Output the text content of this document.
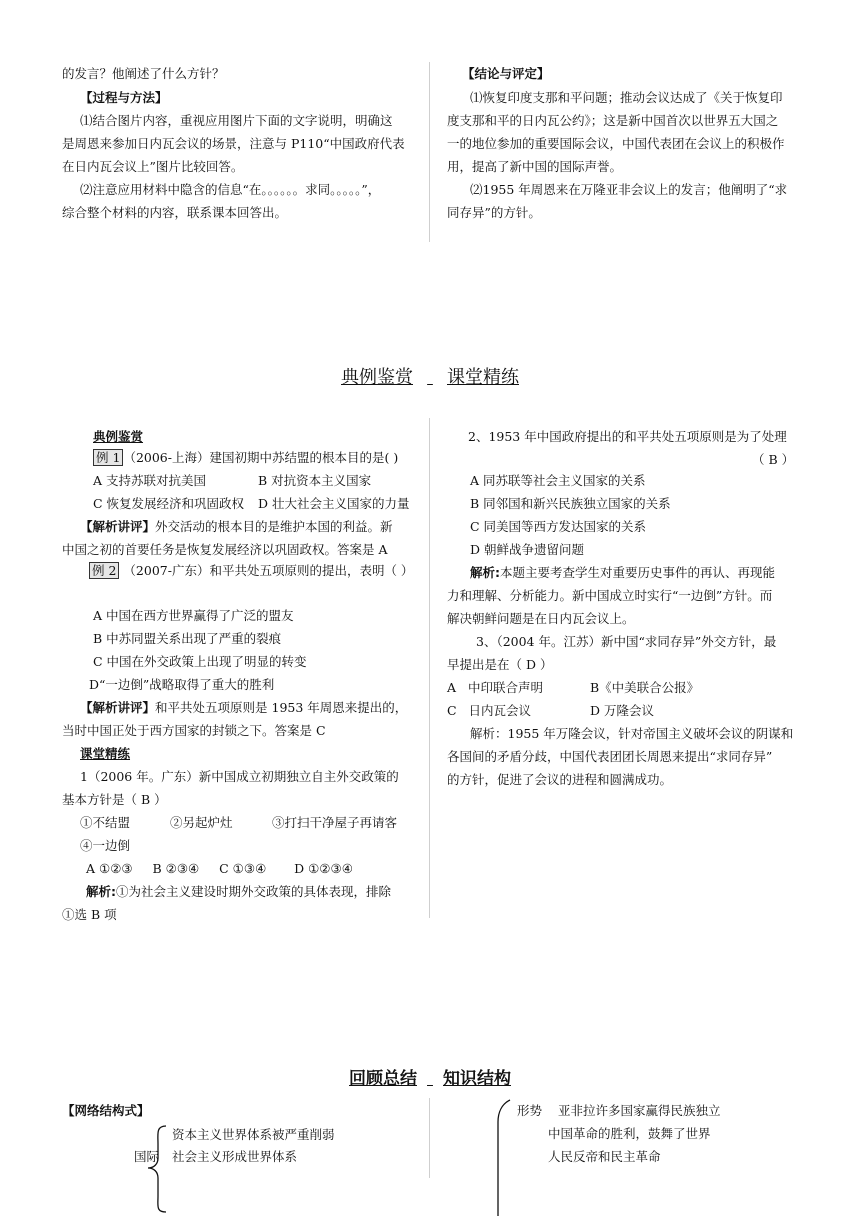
的发言？他阐述了什么方针？
【过程与方法】
⑴结合图片内容，重视应用图片下面的文字说明，明确这
是周恩来参加日内瓦会议的场景，注意与 P110“中国政府代表
在日内瓦会议上”图片比较回答。
⑵注意应用材料中隐含的信息“在。。。。。。求同。。。。。”，
综合整个材料的内容，联系课本回答出。
【结论与评定】
⑴恢复印度支那和平问题；推动会议达成了《关于恢复印
度支那和平的日内瓦公约》；这是新中国首次以世界五大国之
一的地位参加的重要国际会议，中国代表团在会议上的积极作
用，提高了新中国的国际声誉。
⑵1955 年周恩来在万隆亚非会议上的发言；他阐明了“求
同存异”的方针。
典例鉴赏 课堂精练
典例鉴赏
例 1 （2006-上海）建国初期中苏结盟的根本目的是( )
A 支持苏联对抗美国	B 对抗资本主义国家
C 恢复发展经济和巩固政权 D 壮大社会主义国家的力量
【解析讲评】外交活动的根本目的是维护本国的利益。新
中国之初的首要任务是恢复发展经济以巩固政权。答案是 A
例 2 （2007-广东）和平共处五项原则的提出，表明（ ）
A 中国在西方世界赢得了广泛的盟友
B 中苏同盟关系出现了严重的裂痕
C 中国在外交政策上出现了明显的转变
D“一边倒”战略取得了重大的胜利
【解析讲评】和平共处五项原则是 1953 年周恩来提出的，
当时中国正处于西方国家的封锁之下。答案是 C
课堂精练
1（2006 年。广东）新中国成立初期独立自主外交政策的
基本方针是（ B ）
①不结盟	②另起炉灶	③打扫干净屋子再请客
④一边倒
A ①②③     B ②③④     C ①③④       D ①②③④
解析:①为社会主义建设时期外交政策的具体表现，排除
①选 B 项
2、1953 年中国政府提出的和平共处五项原则是为了处理
（ B ）
A 同苏联等社会主义国家的关系
B 同邻国和新兴民族独立国家的关系
C 同美国等西方发达国家的关系
D 朝鲜战争遗留问题
解析:本题主要考查学生对重要历史事件的再认、再现能
力和理解、分析能力。新中国成立时实行“一边倒”方针。而
解决朝鲜问题是在日内瓦会议上。
3、（2004 年。江苏）新中国“求同存异”外交方针，最
早提出是在（ D ）
A   中印联合声明	B《中美联合公报》
C   日内瓦会议	D 万隆会议
解析：1955 年万隆会议，针对帝国主义破坏会议的阴谋和
各国间的矛盾分歧，中国代表团团长周恩来提出“求同存异”
的方针，促进了会议的进程和圆满成功。
回顾总结 知识结构
【网络结构式】
国际
资本主义世界体系被严重削弱
社会主义形成世界体系
形势 亚非拉许多国家赢得民族独立
中国革命的胜利，鼓舞了世界
人民反帝和民主革命
